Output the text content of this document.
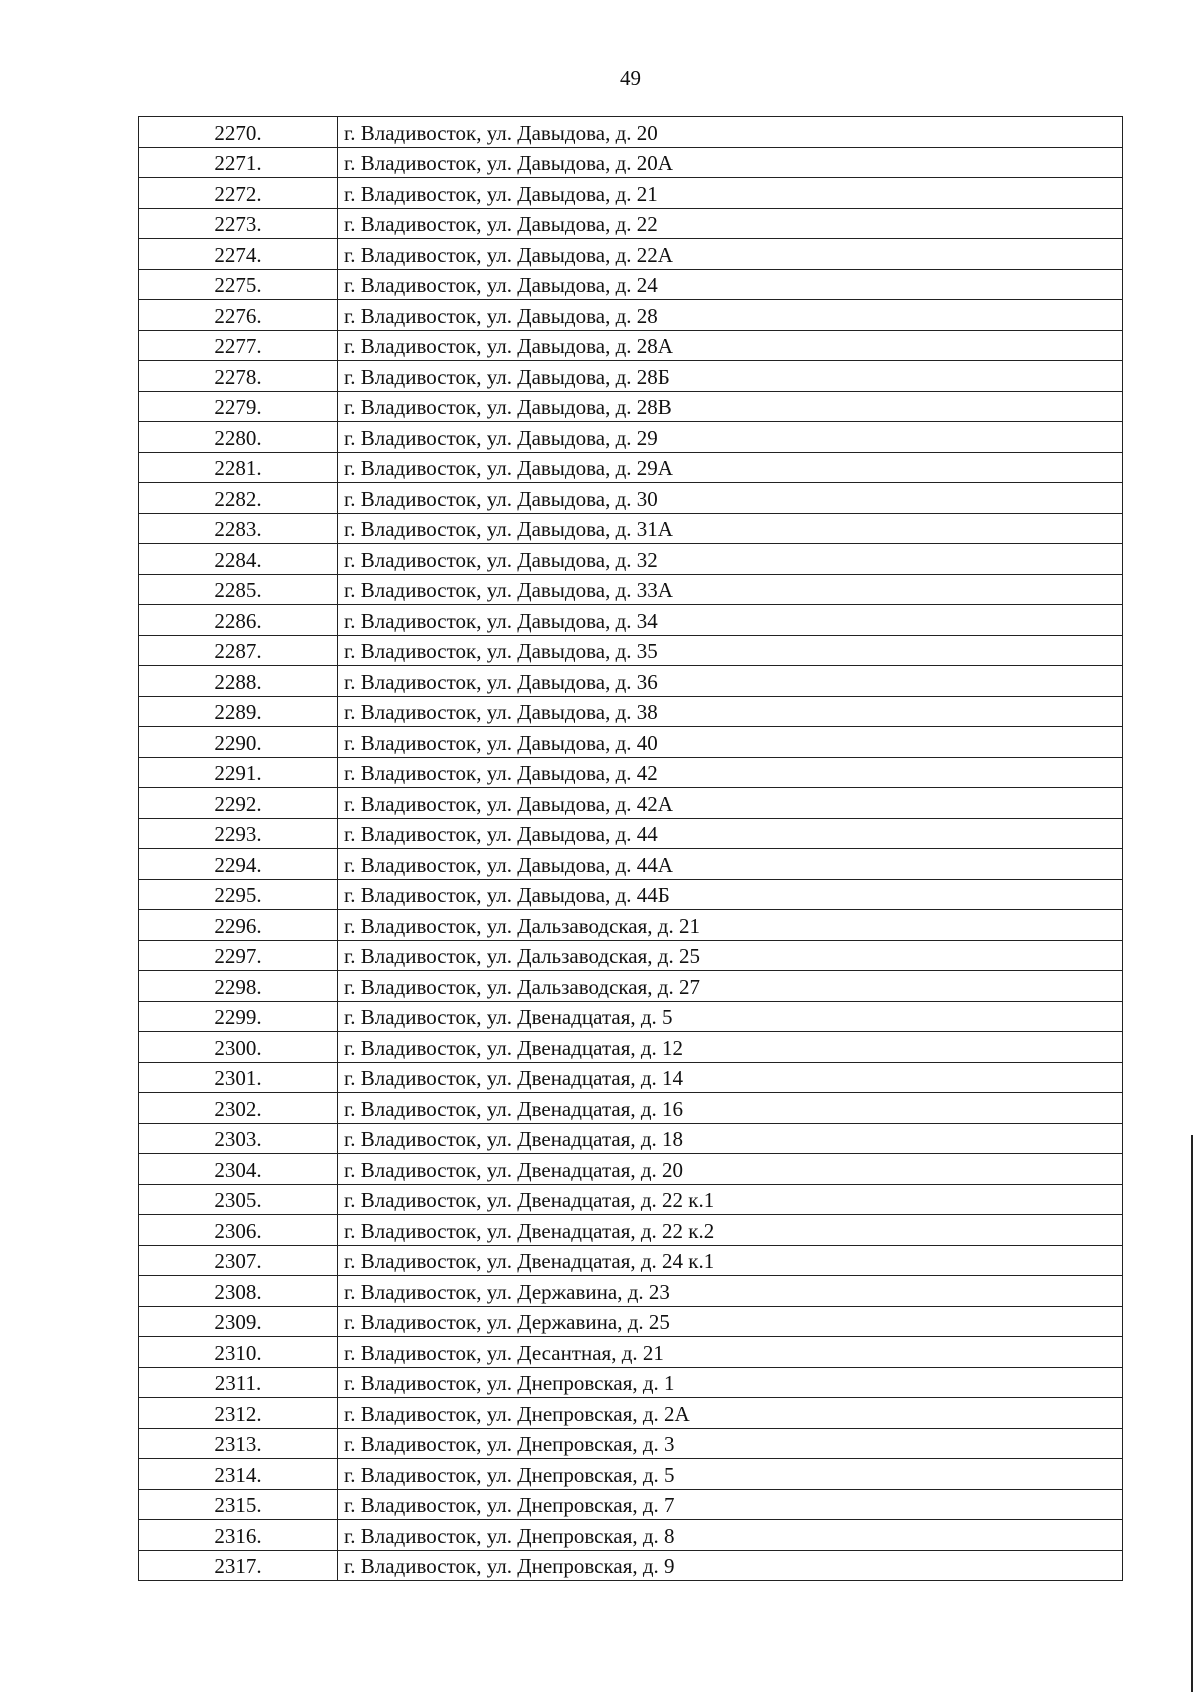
49
2270.	г. Владивосток, ул. Давыдова, д. 20
2271.	г. Владивосток, ул. Давыдова, д. 20А
2272.	г. Владивосток, ул. Давыдова, д. 21
2273.	г. Владивосток, ул. Давыдова, д. 22
2274.	г. Владивосток, ул. Давыдова, д. 22А
2275.	г. Владивосток, ул. Давыдова, д. 24
2276.	г. Владивосток, ул. Давыдова, д. 28
2277.	г. Владивосток, ул. Давыдова, д. 28А
2278.	г. Владивосток, ул. Давыдова, д. 28Б
2279.	г. Владивосток, ул. Давыдова, д. 28В
2280.	г. Владивосток, ул. Давыдова, д. 29
2281.	г. Владивосток, ул. Давыдова, д. 29А
2282.	г. Владивосток, ул. Давыдова, д. 30
2283.	г. Владивосток, ул. Давыдова, д. 31А
2284.	г. Владивосток, ул. Давыдова, д. 32
2285.	г. Владивосток, ул. Давыдова, д. 33А
2286.	г. Владивосток, ул. Давыдова, д. 34
2287.	г. Владивосток, ул. Давыдова, д. 35
2288.	г. Владивосток, ул. Давыдова, д. 36
2289.	г. Владивосток, ул. Давыдова, д. 38
2290.	г. Владивосток, ул. Давыдова, д. 40
2291.	г. Владивосток, ул. Давыдова, д. 42
2292.	г. Владивосток, ул. Давыдова, д. 42А
2293.	г. Владивосток, ул. Давыдова, д. 44
2294.	г. Владивосток, ул. Давыдова, д. 44А
2295.	г. Владивосток, ул. Давыдова, д. 44Б
2296.	г. Владивосток, ул. Дальзаводская, д. 21
2297.	г. Владивосток, ул. Дальзаводская, д. 25
2298.	г. Владивосток, ул. Дальзаводская, д. 27
2299.	г. Владивосток, ул. Двенадцатая, д. 5
2300.	г. Владивосток, ул. Двенадцатая, д. 12
2301.	г. Владивосток, ул. Двенадцатая, д. 14
2302.	г. Владивосток, ул. Двенадцатая, д. 16
2303.	г. Владивосток, ул. Двенадцатая, д. 18
2304.	г. Владивосток, ул. Двенадцатая, д. 20
2305.	г. Владивосток, ул. Двенадцатая, д. 22 к.1
2306.	г. Владивосток, ул. Двенадцатая, д. 22 к.2
2307.	г. Владивосток, ул. Двенадцатая, д. 24 к.1
2308.	г. Владивосток, ул. Державина, д. 23
2309.	г. Владивосток, ул. Державина, д. 25
2310.	г. Владивосток, ул. Десантная, д. 21
2311.	г. Владивосток, ул. Днепровская, д. 1
2312.	г. Владивосток, ул. Днепровская, д. 2А
2313.	г. Владивосток, ул. Днепровская, д. 3
2314.	г. Владивосток, ул. Днепровская, д. 5
2315.	г. Владивосток, ул. Днепровская, д. 7
2316.	г. Владивосток, ул. Днепровская, д. 8
2317.	г. Владивосток, ул. Днепровская, д. 9
